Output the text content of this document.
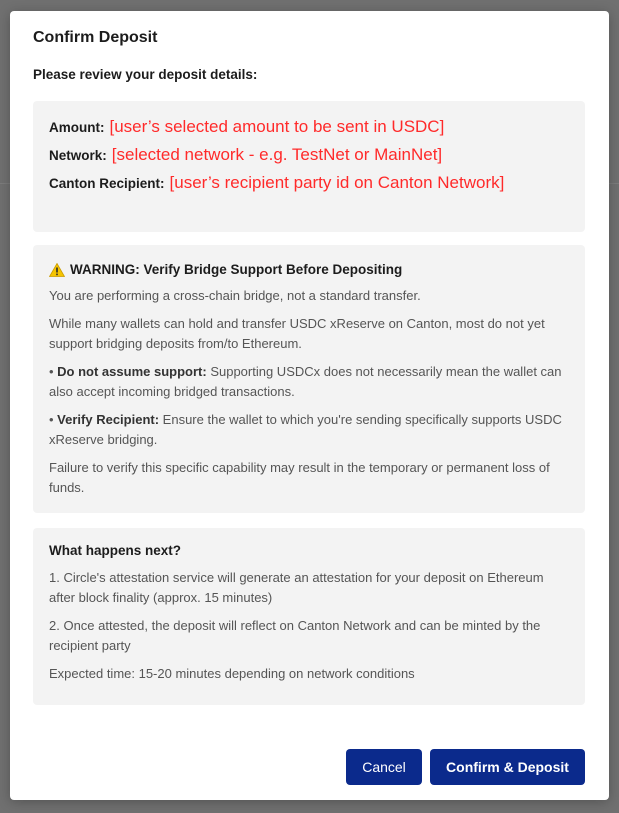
Confirm Deposit
Please review your deposit details:
Amount: [user’s selected amount to be sent in USDC]
Network: [selected network - e.g. TestNet or MainNet]
Canton Recipient: [user’s recipient party id on Canton Network]
WARNING: Verify Bridge Support Before Depositing

You are performing a cross-chain bridge, not a standard transfer.

While many wallets can hold and transfer USDC xReserve on Canton, most do not yet support bridging deposits from/to Ethereum.

• Do not assume support: Supporting USDCx does not necessarily mean the wallet can also accept incoming bridged transactions.

• Verify Recipient: Ensure the wallet to which you're sending specifically supports USDC xReserve bridging.

Failure to verify this specific capability may result in the temporary or permanent loss of funds.

What happens next?

1. Circle's attestation service will generate an attestation for your deposit on Ethereum after block finality (approx. 15 minutes)

2. Once attested, the deposit will reflect on Canton Network and can be minted by the recipient party

Expected time: 15-20 minutes depending on network conditions

Cancel	Confirm & Deposit
